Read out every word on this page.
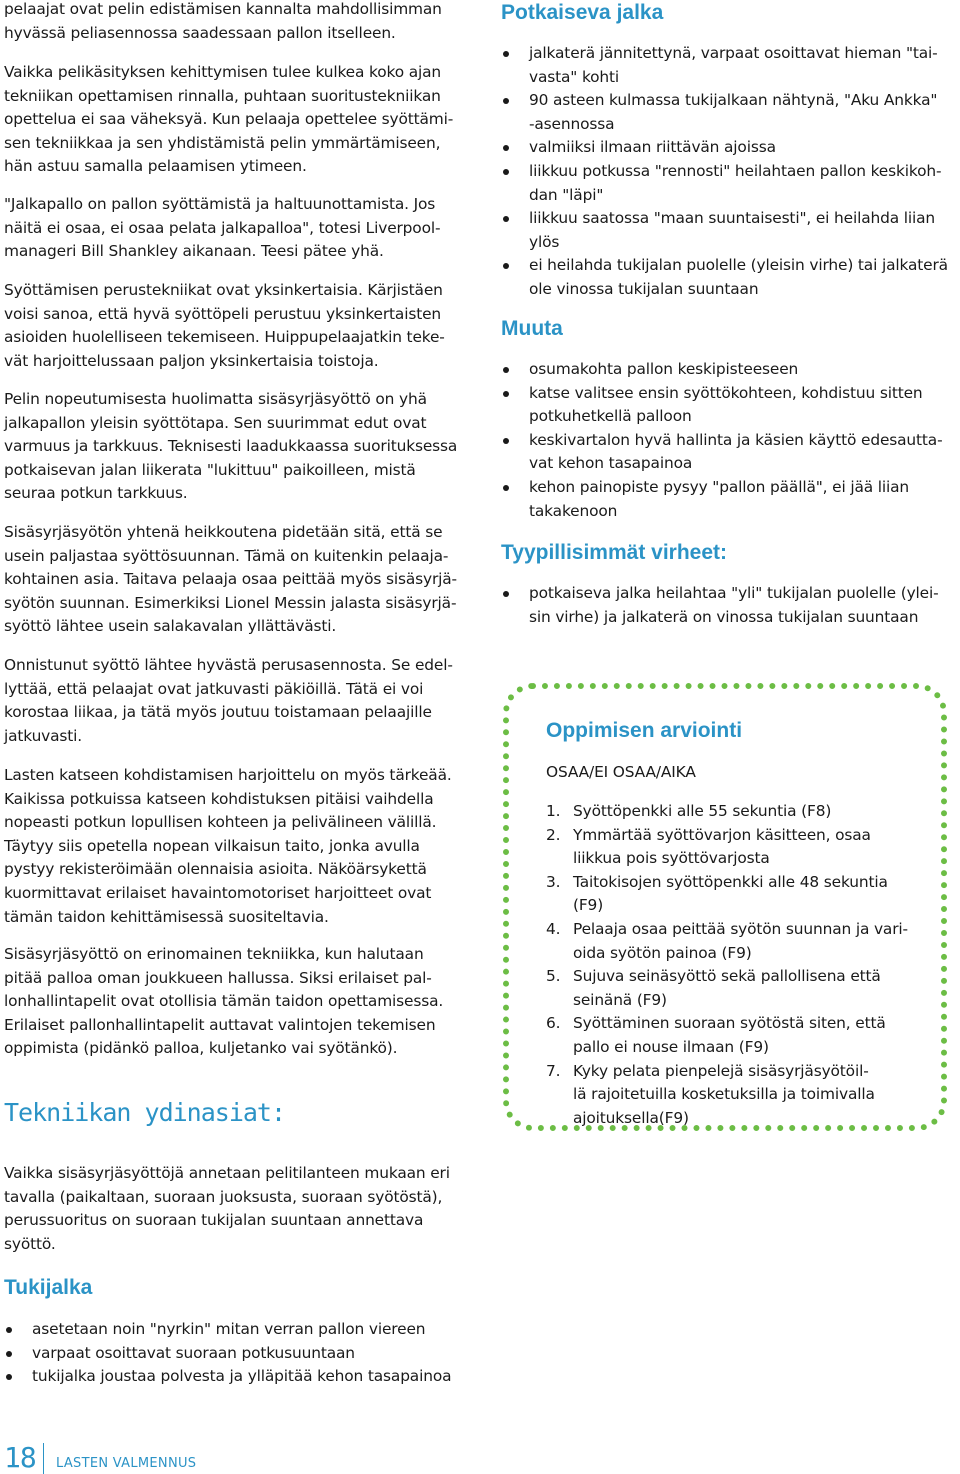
pelaajat ovat pelin edistämisen kannalta mahdollisimman
hyvässä peliasennossa saadessaan pallon itselleen.

Vaikka pelikäsityksen kehittymisen tulee kulkea koko ajan
tekniikan opettamisen rinnalla, puhtaan suoritustekniikan
opettelua ei saa väheksyä. Kun pelaaja opettelee syöttämi-
sen tekniikkaa ja sen yhdistämistä pelin ymmärtämiseen,
hän astuu samalla pelaamisen ytimeen.

"Jalkapallo on pallon syöttämistä ja haltuunottamista. Jos
näitä ei osaa, ei osaa pelata jalkapalloa", totesi Liverpool-
manageri Bill Shankley aikanaan. Teesi pätee yhä.

Syöttämisen perustekniikat ovat yksinkertaisia. Kärjistäen
voisi sanoa, että hyvä syöttöpeli perustuu yksinkertaisten
asioiden huolelliseen tekemiseen. Huippupelaajatkin teke-
vät harjoittelussaan paljon yksinkertaisia toistoja.

Pelin nopeutumisesta huolimatta sisäsyrjäsyöttö on yhä
jalkapallon yleisin syöttötapa. Sen suurimmat edut ovat
varmuus ja tarkkuus. Teknisesti laadukkaassa suorituksessa
potkaisevan jalan liikerata "lukittuu" paikoilleen, mistä
seuraa potkun tarkkuus.

Sisäsyrjäsyötön yhtenä heikkoutena pidetään sitä, että se
usein paljastaa syöttösuunnan. Tämä on kuitenkin pelaaja-
kohtainen asia. Taitava pelaaja osaa peittää myös sisäsyrjä-
syötön suunnan. Esimerkiksi Lionel Messin jalasta sisäsyrjä-
syöttö lähtee usein salakavalan yllättävästi.

Onnistunut syöttö lähtee hyvästä perusasennosta. Se edel-
lyttää, että pelaajat ovat jatkuvasti päkiöillä. Tätä ei voi
korostaa liikaa, ja tätä myös joutuu toistamaan pelaajille
jatkuvasti.

Lasten katseen kohdistamisen harjoittelu on myös tärkeää.
Kaikissa potkuissa katseen kohdistuksen pitäisi vaihdella
nopeasti potkun lopullisen kohteen ja pelivälineen välillä.
Täytyy siis opetella nopean vilkaisun taito, jonka avulla
pystyy rekisteröimään olennaisia asioita. Näköärsykettä
kuormittavat erilaiset havaintomotoriset harjoitteet ovat
tämän taidon kehittämisessä suositeltavia.

Sisäsyrjäsyöttö on erinomainen tekniikka, kun halutaan
pitää palloa oman joukkueen hallussa. Siksi erilaiset pal-
lonhallintapelit ovat otollisia tämän taidon opettamisessa.
Erilaiset pallonhallintapelit auttavat valintojen tekemisen
oppimista (pidänkö palloa, kuljetanko vai syötänkö).

Tekniikan ydinasiat:

Vaikka sisäsyrjäsyöttöjä annetaan pelitilanteen mukaan eri
tavalla (paikaltaan, suoraan juoksusta, suoraan syötöstä),
perussuoritus on suoraan tukijalan suuntaan annettava
syöttö.

Tukijalka
asetetaan noin "nyrkin" mitan verran pallon viereen
varpaat osoittavat suoraan potkusuuntaan
tukijalka joustaa polvesta ja ylläpitää kehon tasapainoa
Potkaiseva jalka
jalkaterä jännitettynä, varpaat osoittavat hieman "tai-
vasta" kohti
90 asteen kulmassa tukijalkaan nähtynä, "Aku Ankka"
-asennossa
valmiiksi ilmaan riittävän ajoissa
liikkuu potkussa "rennosti" heilahtaen pallon keskikoh-
dan "läpi"
liikkuu saatossa "maan suuntaisesti", ei heilahda liian
ylös
ei heilahda tukijalan puolelle (yleisin virhe) tai jalkaterä
ole vinossa tukijalan suuntaan
Muuta
osumakohta pallon keskipisteeseen
katse valitsee ensin syöttökohteen, kohdistuu sitten
potkuhetkellä palloon
keskivartalon hyvä hallinta ja käsien käyttö edesautta-
vat kehon tasapainoa
kehon painopiste pysyy "pallon päällä", ei jää liian
takakenoon
Tyypillisimmät virheet:
potkaiseva jalka heilahtaa "yli" tukijalan puolelle (ylei-
sin virhe) ja jalkaterä on vinossa tukijalan suuntaan
Oppimisen arviointi

OSAA/EI OSAA/AIKA

1. Syöttöpenkki alle 55 sekuntia (F8)
2. Ymmärtää syöttövarjon käsitteen, osaa
liikkua pois syöttövarjosta
3. Taitokisojen syöttöpenkki alle 48 sekuntia
(F9)
4. Pelaaja osaa peittää syötön suunnan ja vari-
oida syötön painoa (F9)
5. Sujuva seinäsyöttö sekä pallollisena että
seinänä (F9)
6. Syöttäminen suoraan syötöstä siten, että
pallo ei nouse ilmaan (F9)
7. Kyky pelata pienpelejä sisäsyrjäsyötöil-
lä rajoitetuilla kosketuksilla ja toimivalla
ajoituksella(F9)
18 LASTEN VALMENNUS
